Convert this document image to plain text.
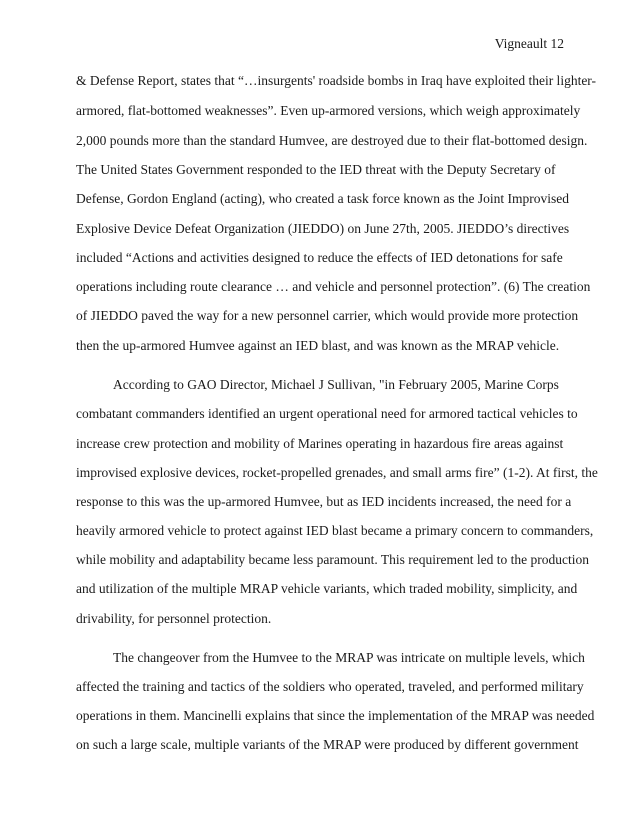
Vigneault 12
& Defense Report, states that “…insurgents' roadside bombs in Iraq have exploited their lighter-
armored, flat-bottomed weaknesses”. Even up-armored versions, which weigh approximately
2,000 pounds more than the standard Humvee, are destroyed due to their flat-bottomed design.
The United States Government responded to the IED threat with the Deputy Secretary of
Defense, Gordon England (acting), who created a task force known as the Joint Improvised
Explosive Device Defeat Organization (JIEDDO) on June 27th, 2005. JIEDDO’s directives
included “Actions and activities designed to reduce the effects of IED detonations for safe
operations including route clearance … and vehicle and personnel protection”. (6) The creation
of JIEDDO paved the way for a new personnel carrier, which would provide more protection
then the up-armored Humvee against an IED blast, and was known as the MRAP vehicle.
According to GAO Director, Michael J Sullivan, "in February 2005, Marine Corps
combatant commanders identified an urgent operational need for armored tactical vehicles to
increase crew protection and mobility of Marines operating in hazardous fire areas against
improvised explosive devices, rocket-propelled grenades, and small arms fire” (1-2). At first, the
response to this was the up-armored Humvee, but as IED incidents increased, the need for a
heavily armored vehicle to protect against IED blast became a primary concern to commanders,
while mobility and adaptability became less paramount. This requirement led to the production
and utilization of the multiple MRAP vehicle variants, which traded mobility, simplicity, and
drivability, for personnel protection.
The changeover from the Humvee to the MRAP was intricate on multiple levels, which
affected the training and tactics of the soldiers who operated, traveled, and performed military
operations in them. Mancinelli explains that since the implementation of the MRAP was needed
on such a large scale, multiple variants of the MRAP were produced by different government
